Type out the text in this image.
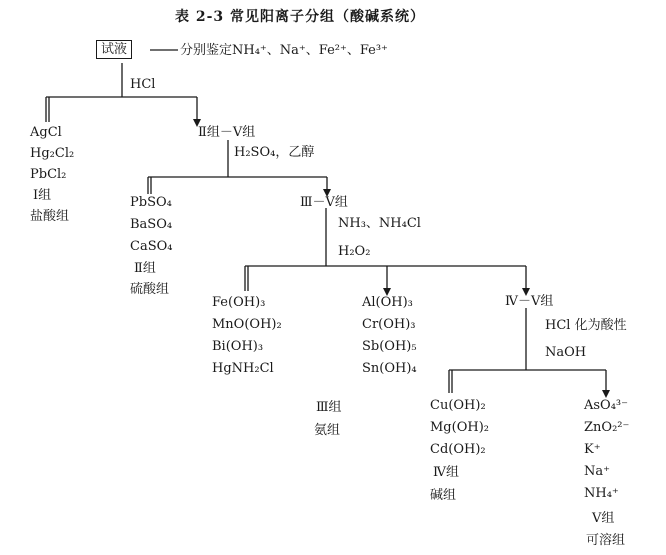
表 2-3 常见阳离子分组（酸碱系统）
试液	分别鉴定NH₄⁺、Na⁺、Fe²⁺、Fe³⁺
HCl
H₂SO₄，乙醇
NH₃、NH₄Cl
H₂O₂
HCl 化为酸性
NaOH
Ⅱ组－Ⅴ组
Ⅲ－Ⅴ组
Ⅳ－Ⅴ组
AgCl
Hg₂Cl₂
PbCl₂
Ⅰ组
盐酸组
PbSO₄
BaSO₄
CaSO₄
Ⅱ组
硫酸组
Fe(OH)₃
MnO(OH)₂
Bi(OH)₃
HgNH₂Cl
Al(OH)₃
Cr(OH)₃
Sb(OH)₅
Sn(OH)₄
Ⅲ组
氨组
Cu(OH)₂
Mg(OH)₂
Cd(OH)₂
Ⅳ组
碱组
AsO₄³⁻
ZnO₂²⁻
K⁺
Na⁺
NH₄⁺
Ⅴ组
可溶组
